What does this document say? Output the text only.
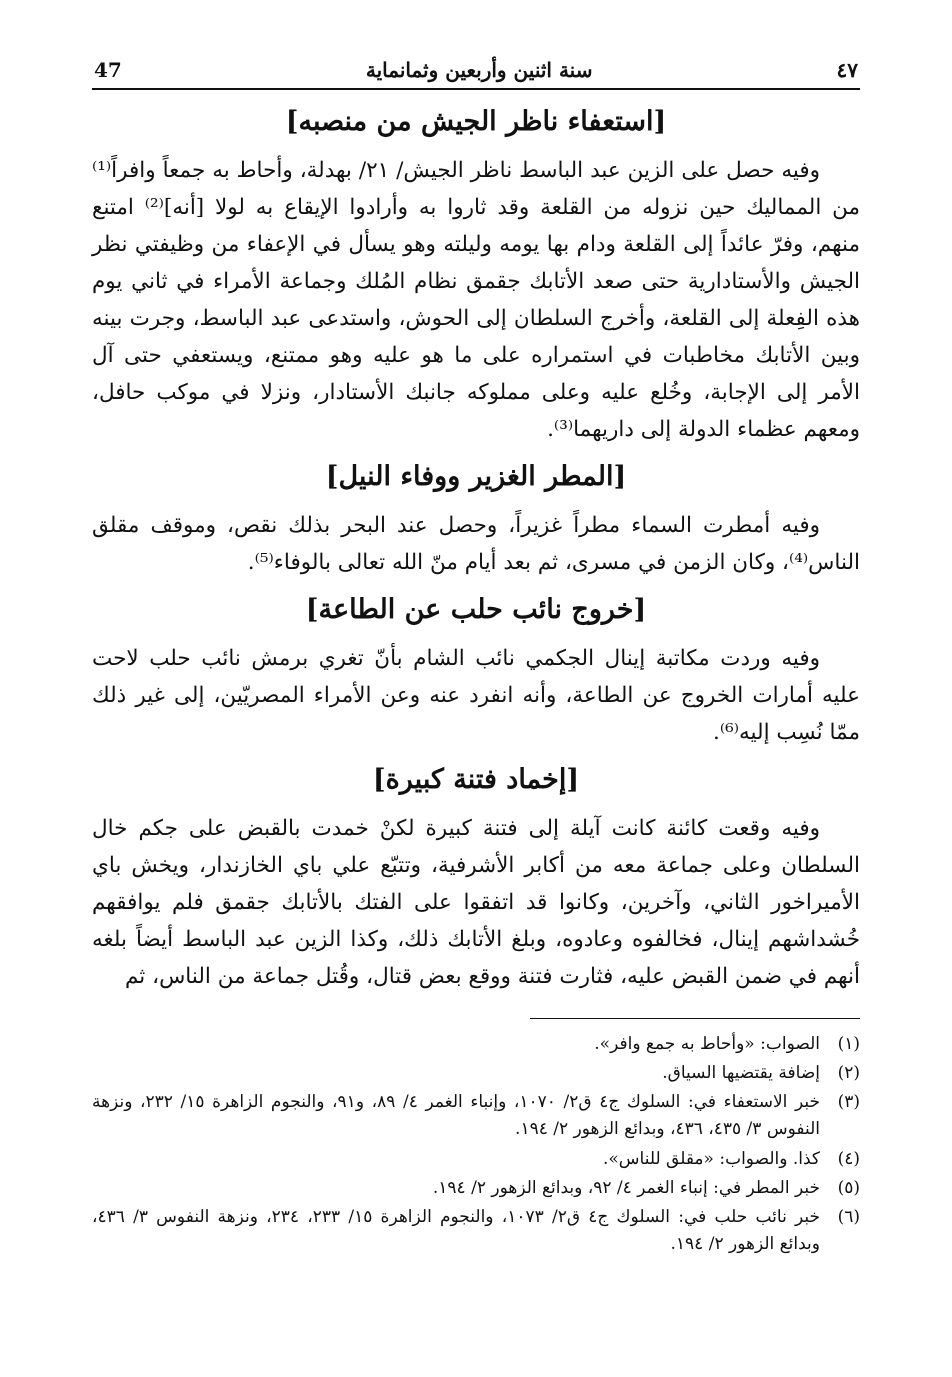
47	سنة اثنين وأربعين وثمانماية	٤٧
[استعفاء ناظر الجيش من منصبه]

وفيه حصل على الزين عبد الباسط ناظر الجيش/ ٢١/ بهدلة، وأحاط به جمعاً وافراً⁽¹⁾ من المماليك حين نزوله من القلعة وقد ثاروا به وأرادوا الإيقاع به لولا [أنه]⁽²⁾ امتنع منهم، وفرّ عائداً إلى القلعة ودام بها يومه وليلته وهو يسأل في الإعفاء من وظيفتي نظر الجيش والأستادارية حتى صعد الأتابك جقمق نظام المُلك وجماعة الأمراء في ثاني يوم هذه الفِعلة إلى القلعة، وأخرج السلطان إلى الحوش، واستدعى عبد الباسط، وجرت بينه وبين الأتابك مخاطبات في استمراره على ما هو عليه وهو ممتنع، ويستعفي حتى آل الأمر إلى الإجابة، وخُلع عليه وعلى مملوكه جانبك الأستادار، ونزلا في موكب حافل، ومعهم عظماء الدولة إلى داريهما⁽³⁾.

[المطر الغزير ووفاء النيل]

وفيه أمطرت السماء مطراً غزيراً، وحصل عند البحر بذلك نقص، وموقف مقلق الناس⁽⁴⁾، وكان الزمن في مسرى، ثم بعد أيام منّ الله تعالى بالوفاء⁽⁵⁾.

[خروج نائب حلب عن الطاعة]

وفيه وردت مكاتبة إينال الجكمي نائب الشام بأنّ تغري برمش نائب حلب لاحت عليه أمارات الخروج عن الطاعة، وأنه انفرد عنه وعن الأمراء المصريّين، إلى غير ذلك ممّا نُسِب إليه⁽⁶⁾.

[إخماد فتنة كبيرة]

وفيه وقعت كائنة كانت آيلة إلى فتنة كبيرة لكنْ خمدت بالقبض على جكم خال السلطان وعلى جماعة معه من أكابر الأشرفية، وتتبّع علي باي الخازندار، ويخش باي الأميراخور الثاني، وآخرين، وكانوا قد اتفقوا على الفتك بالأتابك جقمق فلم يوافقهم خُشداشهم إينال، فخالفوه وعادوه، وبلغ الأتابك ذلك، وكذا الزين عبد الباسط أيضاً بلغه أنهم في ضمن القبض عليه، فثارت فتنة ووقع بعض قتال، وقُتل جماعة من الناس، ثم

(١)
الصواب: «وأحاط به جمع وافر».
(٢)
إضافة يقتضيها السياق.
(٣)
خبر الاستعفاء في: السلوك ج٤ ق٢/ ١٠٧٠، وإنباء الغمر ٤/ ٨٩، و٩١، والنجوم الزاهرة ١٥/ ٢٣٢، ونزهة النفوس ٣/ ٤٣٥، ٤٣٦، وبدائع الزهور ٢/ ١٩٤.
(٤)
كذا. والصواب: «مقلق للناس».
(٥)
خبر المطر في: إنباء الغمر ٤/ ٩٢، وبدائع الزهور ٢/ ١٩٤.
(٦)
خبر نائب حلب في: السلوك ج٤ ق٢/ ١٠٧٣، والنجوم الزاهرة ١٥/ ٢٣٣، ٢٣٤، ونزهة النفوس ٣/ ٤٣٦، وبدائع الزهور ٢/ ١٩٤.
